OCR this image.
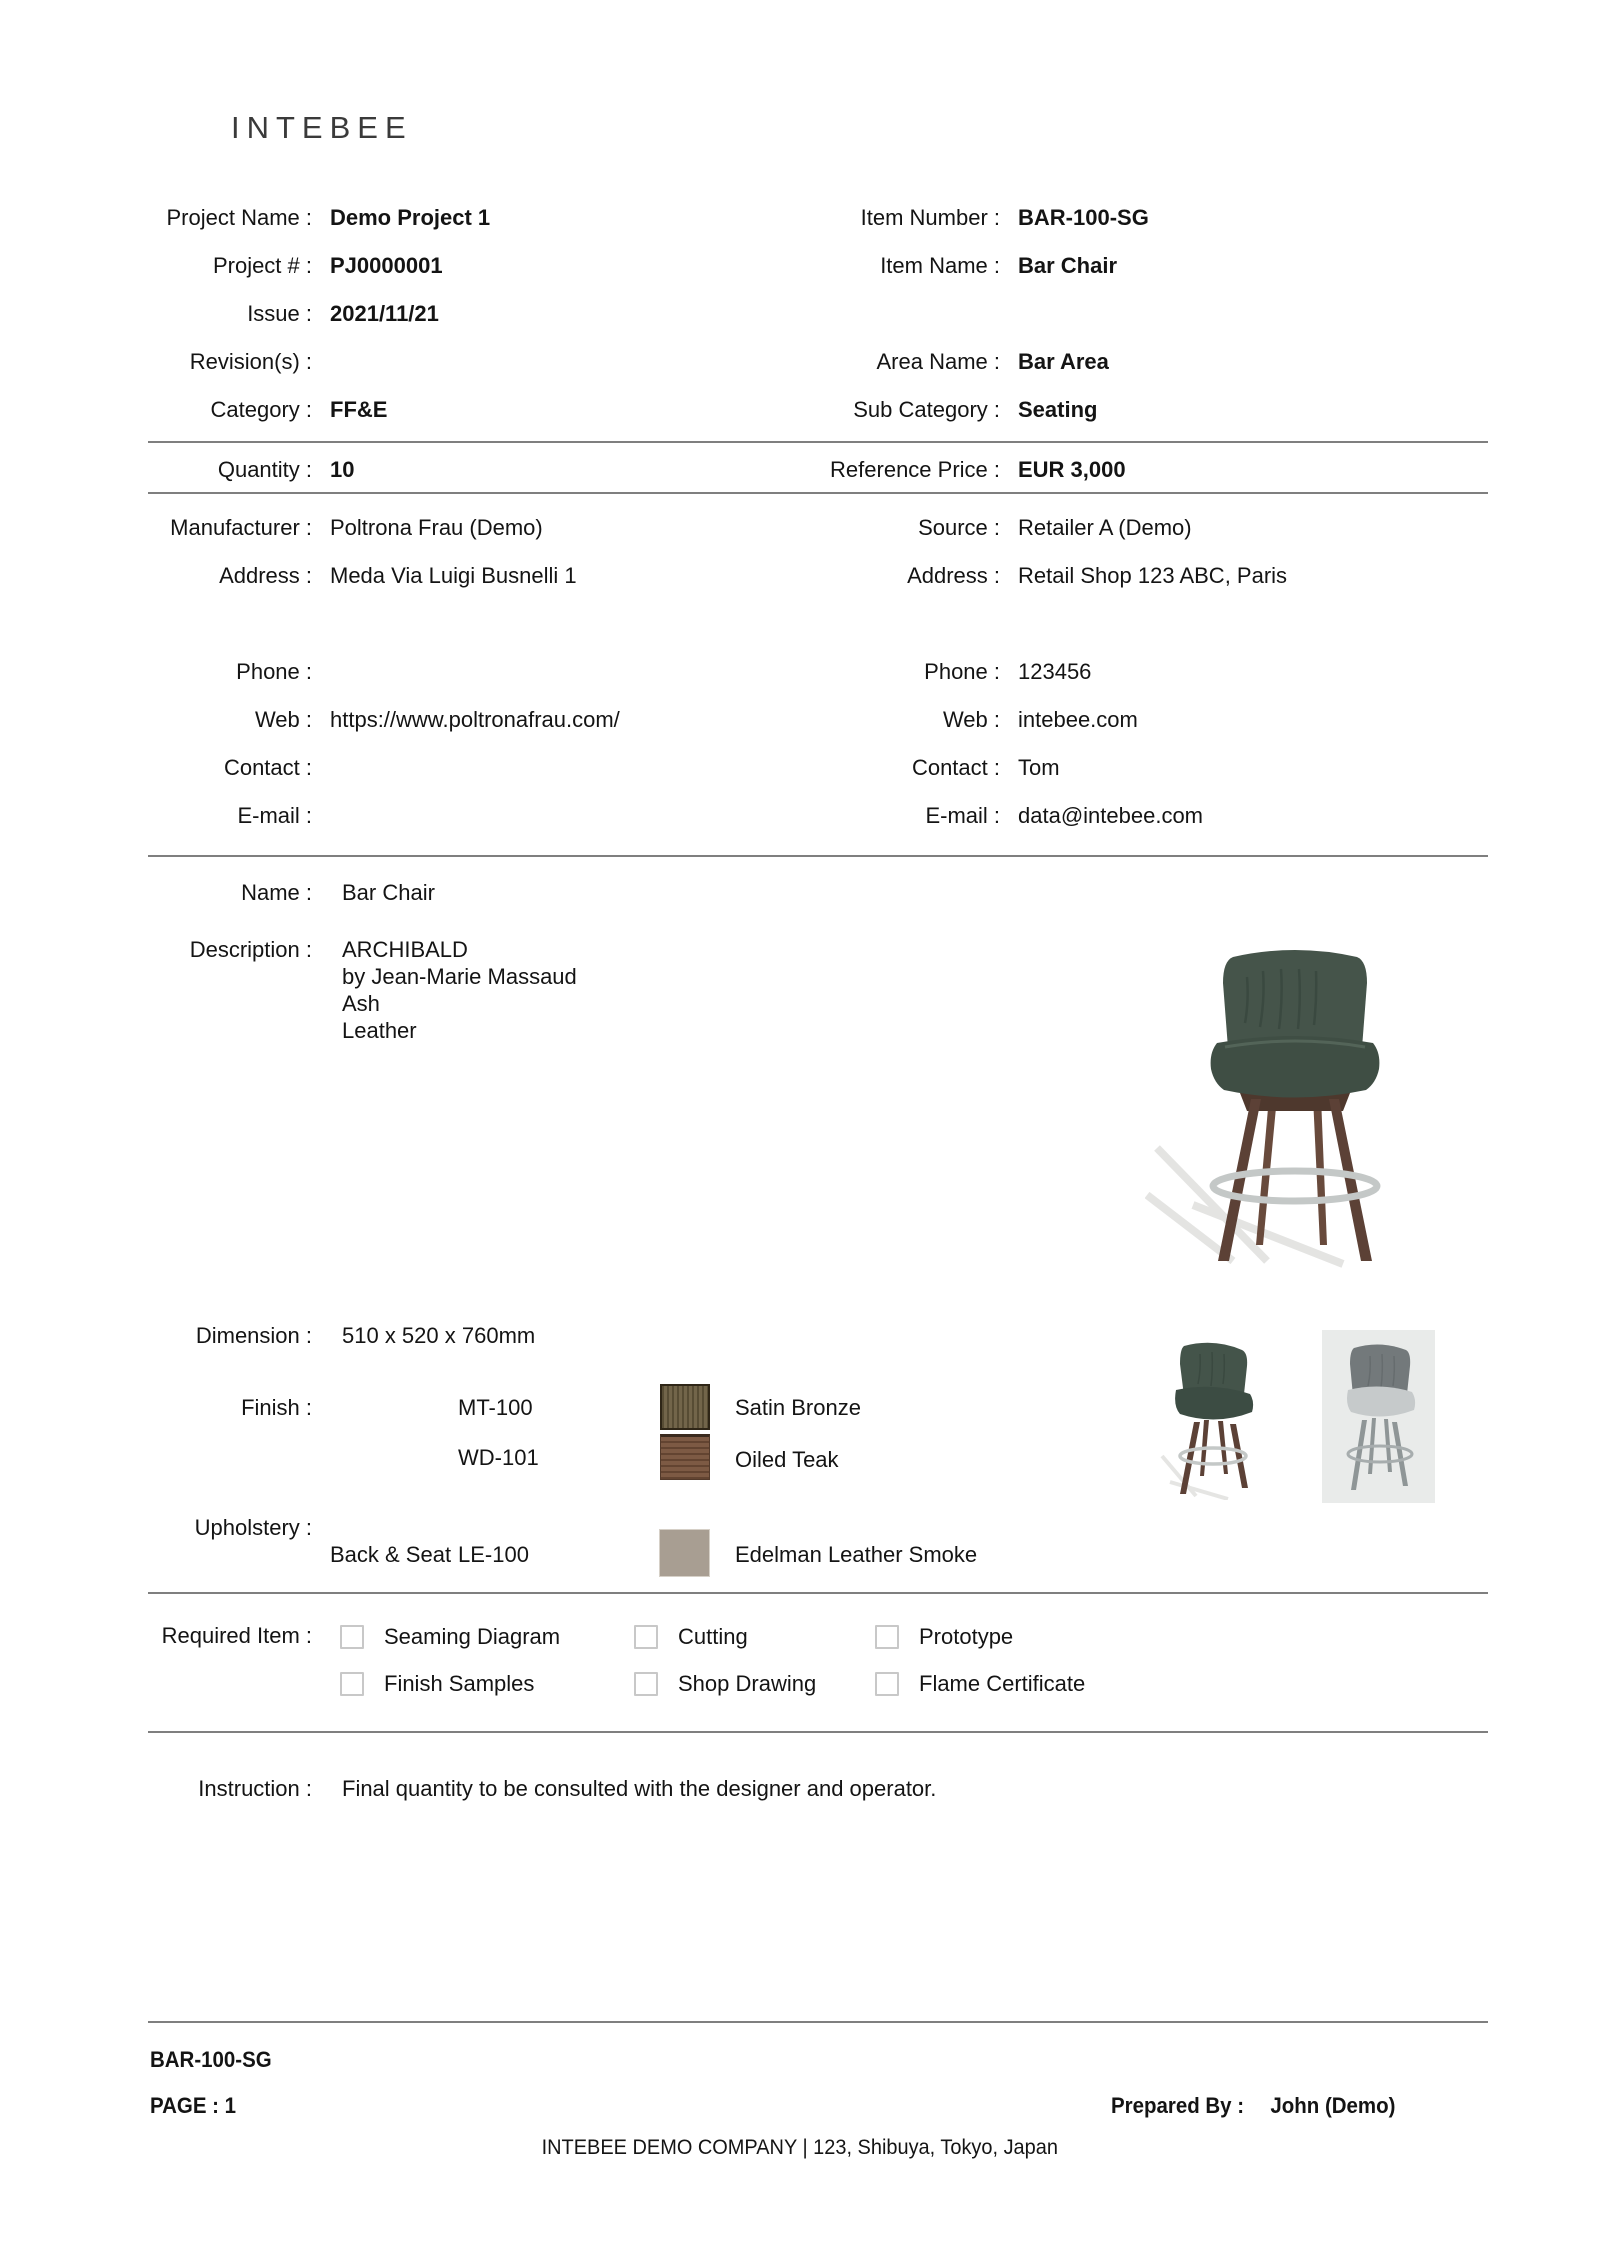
INTEBEE
Project Name : Demo Project 1
Project # : PJ0000001
Issue : 2021/11/21
Revision(s) :
Category : FF&E
Item Number : BAR-100-SG
Item Name : Bar Chair
Area Name : Bar Area
Sub Category : Seating
Quantity : 10	Reference Price : EUR 3,000
Manufacturer : Poltrona Frau (Demo)
Address : Meda Via Luigi Busnelli 1
Phone :
Web : https://www.poltronafrau.com/
Contact :
E-mail :
Source : Retailer A (Demo)
Address : Retail Shop 123 ABC, Paris
Phone : 123456
Web : intebee.com
Contact : Tom
E-mail : data@intebee.com
Name : Bar Chair
Description : ARCHIBALD
by Jean-Marie Massaud
Ash
Leather
Dimension : 510 x 520 x 760mm
Finish :	MT-100	Satin Bronze
WD-101	Oiled Teak
Upholstery :
Back & Seat LE-100	Edelman Leather Smoke
Required Item :	Seaming Diagram	Cutting	Prototype
Finish Samples	Shop Drawing	Flame Certificate
Instruction : Final quantity to be consulted with the designer and operator.
BAR-100-SG
PAGE : 1	Prepared By : John (Demo)
INTEBEE DEMO COMPANY | 123, Shibuya, Tokyo, Japan
